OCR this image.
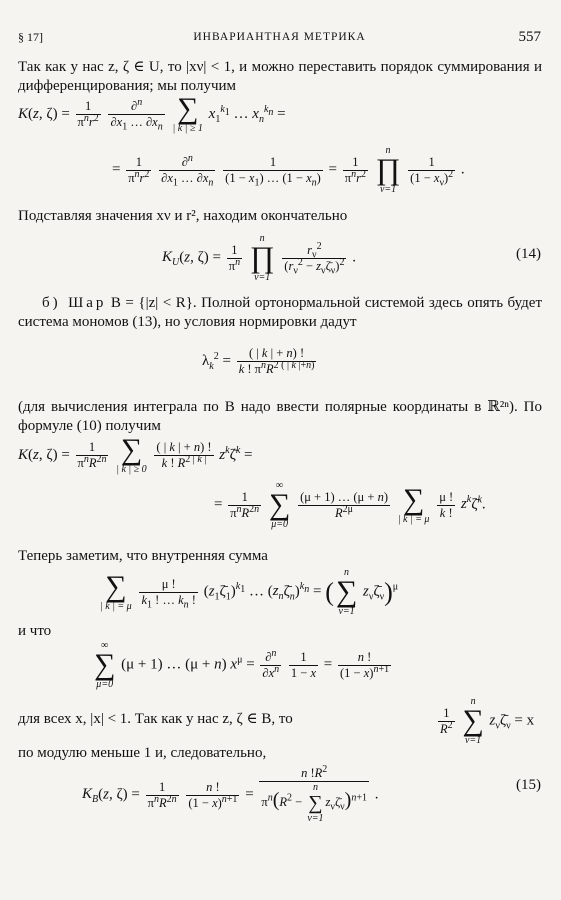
§ 17]	ИНВАРИАНТНАЯ МЕТРИКА	557
Так как у нас z, ζ ∈ U, то |xν| < 1, и можно переставить порядок суммирования и дифференцирования; мы получим
K(z, $\zeta) = \frac{1}{\pi^nr^2}$
$\frac{\partial^n}{\partial x_1 \dots \partial x_n}$
∑
| k | ≥ 1
$x_1^{k_1}$ … $x_n^{k_n}$ =
= $\frac{1}{\pi^nr^2}$
$\frac{\partial^n}{\partial x_1 \dots \partial x_n}$
$\frac{1}{(1 - x_1) \dots (1 - x_n)} = \frac{1}{\pi^nr^2}$

n
∏
ν=1

$\frac{1}{(1 - x_\nu)^2}$ .
Подставляя значения xν и r², находим окончательно
$K_U(z$, $\zeta) = \frac{1}{\pi^n}$

n
∏
ν=1

$\frac{r_\nu^2}{(r_\nu^2 - z_\nu\zetā_\nu)^2}$ .	(14)
б) Шар B = {|z| < R}. Полной ортонормальной системой здесь опять будет система мономов (13), но условия нормировки дадут
$\lambda_k^2 = \frac{( | k | + n) !}{k ! \pi^nR^{2 ( | k |+n)}}$
(для вычисления интеграла по B надо ввести полярные координаты в ℝ²ⁿ). По формуле (10) получим
K(z, $\zeta) = \frac{1}{\pi^nR^{2n}}$
∑
| k | ≥ 0
$\frac{( | k | + n) !}{k ! R^{2 | k |}}$ $z^k\zetā^k$ =
= $\frac{1}{\pi^nR^{2n}}$

∞
∑
μ=0

$\frac{(\mu + 1) \dots (\mu + n)}{R^{2\mu}}$
∑
| k | = μ
$\frac{\mu !}{k !}$ $z^k\zetā^k$.
Теперь заметим, что внутренняя сумма
∑
| k | = μ
$\frac{\mu !}{k_1 ! \dots k_n !}$ $(z_1\zetā_1)^{k_1}$ … $(z_n\zetā_n)^{k_n}$ = (
n
∑
ν=1
$z_\nu\zetā_\nu)^\mu$
и что
∞
∑
μ=0
(μ + 1) … (μ + n) $x^\mu = \frac{\partial^n}{\partial x^n}$
$\frac{1}{1 - x} = \frac{n !}{(1 - x)^{n+1}}$
для всех x, |x| < 1. Так как у нас z, ζ ∈ B, то	$\frac{1}{R^2}$

n
∑
ν=1
$z_\nu\zetā_\nu = x$
по модулю меньше 1 и, следовательно,
$K_B(z$, $\zeta) = \frac{1}{\pi^nR^{2n}}$
$\frac{n !}{(1 - x)^{n+1}} = n$ $!R^2$
$\pi^n(R^2$ −
n
∑
ν=1
$z_\nu\zetā_\nu)^{n+1}$ .
(15)
